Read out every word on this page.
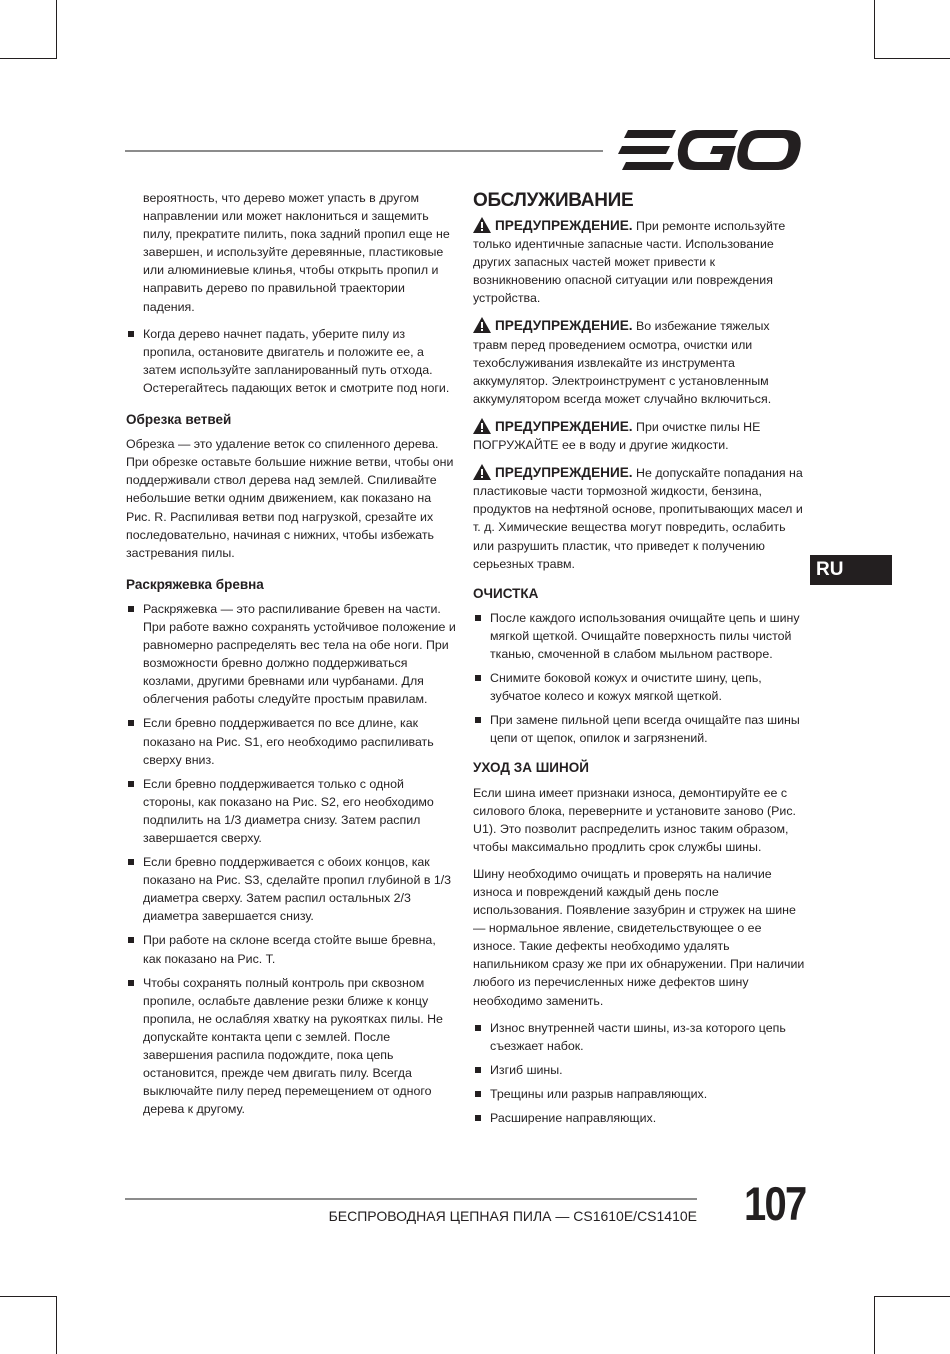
вероятность, что дерево может упасть в другом направлении или может наклониться и защемить пилу, прекратите пилить, пока задний пропил еще не завершен, и используйте деревянные, пластиковые или алюминиевые клинья, чтобы открыть пропил и направить дерево по правильной траектории падения.

Когда дерево начнет падать, уберите пилу из пропила, остановите двигатель и положите ее, а затем используйте запланированный путь отхода. Остерегайтесь падающих веток и смотрите под ноги.
Обрезка ветвей

Обрезка — это удаление веток со спиленного дерева. При обрезке оставьте большие нижние ветви, чтобы они поддерживали ствол дерева над землей. Спиливайте небольшие ветки одним движением, как показано на Рис. R. Распиливая ветви под нагрузкой, срезайте их последовательно, начиная с нижних, чтобы избежать застревания пилы.

Раскряжевка бревна
Раскряжевка — это распиливание бревен на части. При работе важно сохранять устойчивое положение и равномерно распределять вес тела на обе ноги. При возможности бревно должно поддерживаться козлами, другими бревнами или чурбанами. Для облегчения работы следуйте простым правилам.
Если бревно поддерживается по все длине, как показано на Рис. S1, его необходимо распиливать сверху вниз.
Если бревно поддерживается только с одной стороны, как показано на Рис. S2, его необходимо подпилить на 1/3 диаметра снизу. Затем распил завершается сверху.
Если бревно поддерживается с обоих концов, как показано на Рис. S3, сделайте пропил глубиной в 1/3 диаметра сверху. Затем распил остальных 2/3 диаметра завершается снизу.
При работе на склоне всегда стойте выше бревна, как показано на Рис. T.
Чтобы сохранять полный контроль при сквозном пропиле, ослабьте давление резки ближе к концу пропила, не ослабляя хватку на рукоятках пилы. Не допускайте контакта цепи с землей. После завершения распила подождите, пока цепь остановится, прежде чем двигать пилу. Всегда выключайте пилу перед перемещением от одного дерева к другому.
ОБСЛУЖИВАНИЕ

ПРЕДУПРЕЖДЕНИЕ. При ремонте используйте только идентичные запасные части. Использование других запасных частей может привести к возникновению опасной ситуации или повреждения устройства.

ПРЕДУПРЕЖДЕНИЕ. Во избежание тяжелых травм перед проведением осмотра, очистки или техобслуживания извлекайте из инструмента аккумулятор. Электроинструмент с установленным аккумулятором всегда может случайно включиться.

ПРЕДУПРЕЖДЕНИЕ. При очистке пилы НЕ ПОГРУЖАЙТЕ ее в воду и другие жидкости.

ПРЕДУПРЕЖДЕНИЕ. Не допускайте попадания на пластиковые части тормозной жидкости, бензина, продуктов на нефтяной основе, пропитывающих масел и т. д. Химические вещества могут повредить, ослабить или разрушить пластик, что приведет к получению серьезных травм.

ОЧИСТКА
После каждого использования очищайте цепь и шину мягкой щеткой. Очищайте поверхность пилы чистой тканью, смоченной в слабом мыльном растворе.
Снимите боковой кожух и очистите шину, цепь, зубчатое колесо и кожух мягкой щеткой.
При замене пильной цепи всегда очищайте паз шины цепи от щепок, опилок и загрязнений.
УХОД ЗА ШИНОЙ

Если шина имеет признаки износа, демонтируйте ее с силового блока, переверните и установите заново (Рис. U1). Это позволит распределить износ таким образом, чтобы максимально продлить срок службы шины.

Шину необходимо очищать и проверять на наличие износа и повреждений каждый день после использования. Появление зазубрин и стружек на шине — нормальное явление, свидетельствующее о ее износе. Такие дефекты необходимо удалять напильником сразу же при их обнаружении. При наличии любого из перечисленных ниже дефектов шину необходимо заменить.

Износ внутренней части шины, из-за которого цепь съезжает набок.
Изгиб шины.
Трещины или разрыв направляющих.
Расширение направляющих.
RU
БЕСПРОВОДНАЯ ЦЕПНАЯ ПИЛА — CS1610E/CS1410E 107
